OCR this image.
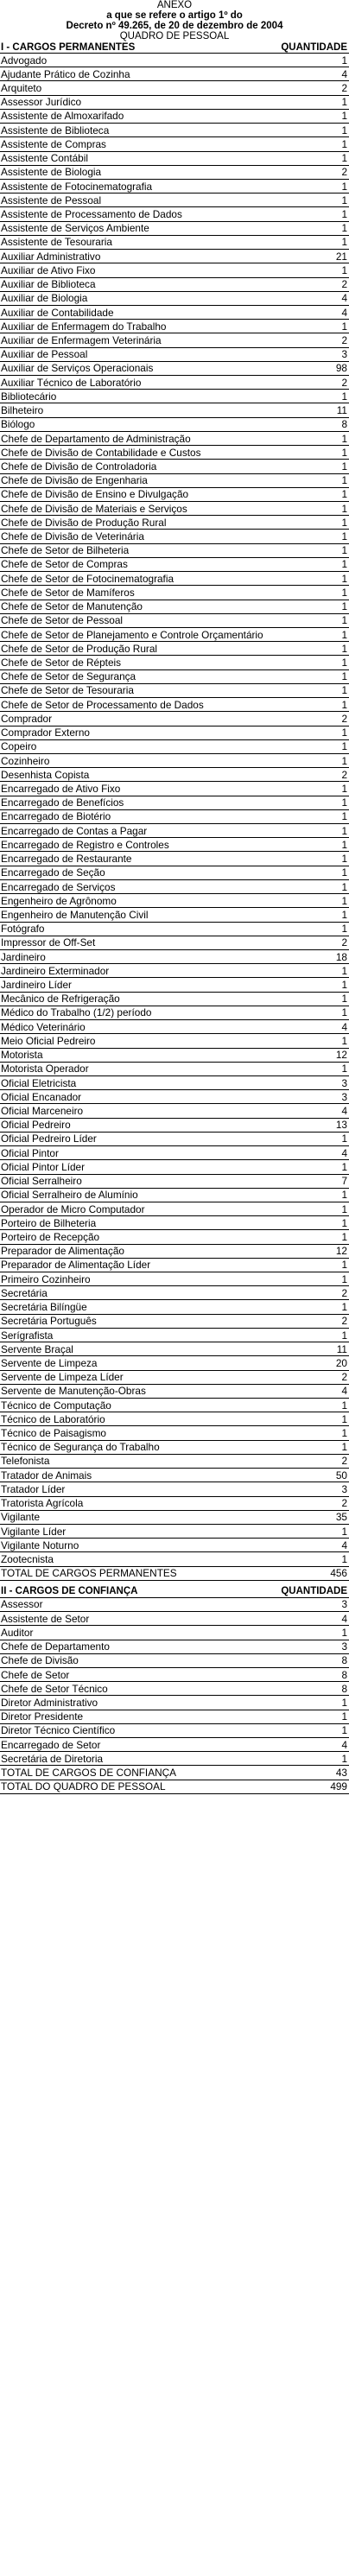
ANEXO
a que se refere o artigo 1º do
Decreto nº 49.265, de 20 de dezembro de 2004
QUADRO DE PESSOAL
I - CARGOS PERMANENTES	QUANTIDADE
Advogado	1
Ajudante Prático de Cozinha	4
Arquiteto	2
Assessor Jurídico	1
Assistente de Almoxarifado	1
Assistente de Biblioteca	1
Assistente de Compras	1
Assistente Contábil	1
Assistente de Biologia	2
Assistente de Fotocinematografia	1
Assistente de Pessoal	1
Assistente de Processamento de Dados	1
Assistente de Serviços Ambiente	1
Assistente de Tesouraria	1
Auxiliar Administrativo	21
Auxiliar de Ativo Fixo	1
Auxiliar de Biblioteca	2
Auxiliar de Biologia	4
Auxiliar de Contabilidade	4
Auxiliar de Enfermagem do Trabalho	1
Auxiliar de Enfermagem Veterinária	2
Auxiliar de Pessoal	3
Auxiliar de Serviços Operacionais	98
Auxiliar Técnico de Laboratório	2
Bibliotecário	1
Bilheteiro	11
Biólogo	8
Chefe de Departamento de Administração	1
Chefe de Divisão de Contabilidade e Custos	1
Chefe de Divisão de Controladoria	1
Chefe de Divisão de Engenharia	1
Chefe de Divisão de Ensino e Divulgação	1
Chefe de Divisão de Materiais e Serviços	1
Chefe de Divisão de Produção Rural	1
Chefe de Divisão de Veterinária	1
Chefe de Setor de Bilheteria	1
Chefe de Setor de Compras	1
Chefe de Setor de Fotocinematografia	1
Chefe de Setor de Mamíferos	1
Chefe de Setor de Manutenção	1
Chefe de Setor de Pessoal	1
Chefe de Setor de Planejamento e Controle Orçamentário	1
Chefe de Setor de Produção Rural	1
Chefe de Setor de Répteis	1
Chefe de Setor de Segurança	1
Chefe de Setor de Tesouraria	1
Chefe de Setor de Processamento de Dados	1
Comprador	2
Comprador Externo	1
Copeiro	1
Cozinheiro	1
Desenhista Copista	2
Encarregado de Ativo Fixo	1
Encarregado de Benefícios	1
Encarregado de Biotério	1
Encarregado de Contas a Pagar	1
Encarregado de Registro e Controles	1
Encarregado de Restaurante	1
Encarregado de Seção	1
Encarregado de Serviços	1
Engenheiro de Agrônomo	1
Engenheiro de Manutenção Civil	1
Fotógrafo	1
Impressor de Off-Set	2
Jardineiro	18
Jardineiro Exterminador	1
Jardineiro Líder	1
Mecânico de Refrigeração	1
Médico do Trabalho (1/2) período	1
Médico Veterinário	4
Meio Oficial Pedreiro	1
Motorista	12
Motorista Operador	1
Oficial Eletricista	3
Oficial Encanador	3
Oficial Marceneiro	4
Oficial Pedreiro	13
Oficial Pedreiro Líder	1
Oficial Pintor	4
Oficial Pintor Líder	1
Oficial Serralheiro	7
Oficial Serralheiro de Alumínio	1
Operador de Micro Computador	1
Porteiro de Bilheteria	1
Porteiro de Recepção	1
Preparador de Alimentação	12
Preparador de Alimentação Líder	1
Primeiro Cozinheiro	1
Secretária	2
Secretária Bilíngüe	1
Secretária Português	2
Serígrafista	1
Servente Braçal	11
Servente de Limpeza	20
Servente de Limpeza Líder	2
Servente de Manutenção-Obras	4
Técnico de Computação	1
Técnico de Laboratório	1
Técnico de Paisagismo	1
Técnico de Segurança do Trabalho	1
Telefonista	2
Tratador de Animais	50
Tratador Líder	3
Tratorista Agrícola	2
Vigilante	35
Vigilante Líder	1
Vigilante Noturno	4
Zootecnista	1
TOTAL DE CARGOS PERMANENTES	456
II - CARGOS DE CONFIANÇA	QUANTIDADE
Assessor	3
Assistente de Setor	4
Auditor	1
Chefe de Departamento	3
Chefe de Divisão	8
Chefe de Setor	8
Chefe de Setor Técnico	8
Diretor Administrativo	1
Diretor Presidente	1
Diretor Técnico Científico	1
Encarregado de Setor	4
Secretária de Diretoria	1
TOTAL DE CARGOS DE CONFIANÇA	43
TOTAL DO QUADRO DE PESSOAL	499
